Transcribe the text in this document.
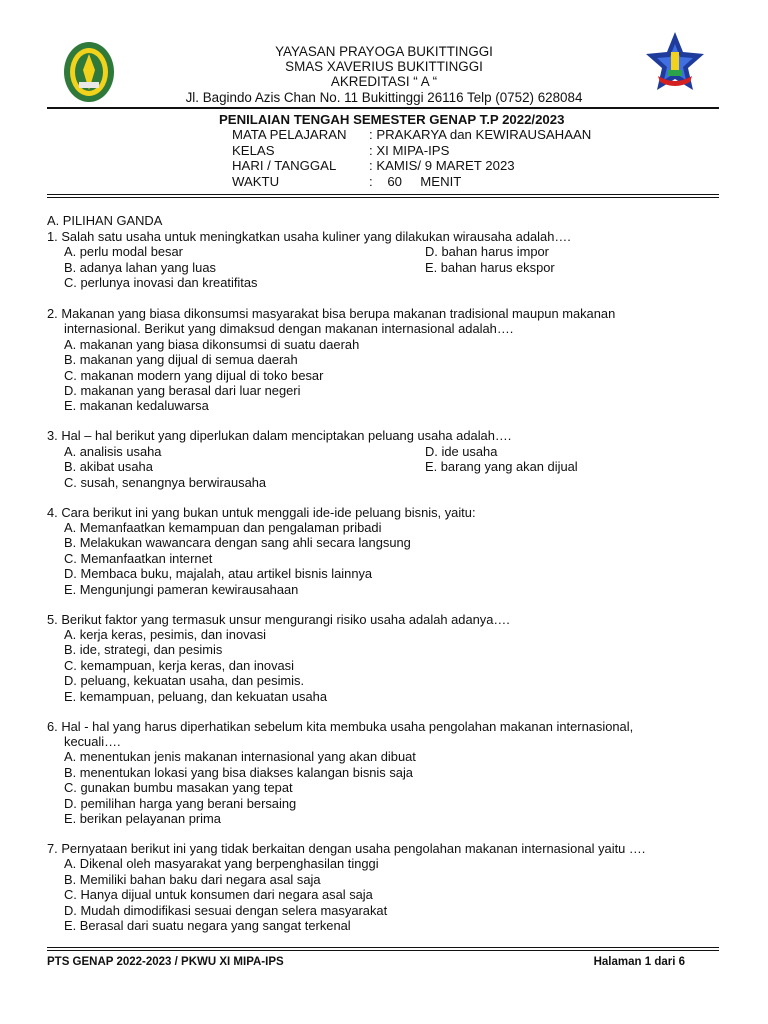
YAYASAN PRAYOGA BUKITTINGGI
SMAS XAVERIUS BUKITTINGGI
AKREDITASI “ A “
Jl. Bagindo Azis Chan No. 11 Bukittinggi 26116 Telp (0752) 628084
PENILAIAN TENGAH SEMESTER GENAP T.P 2022/2023
MATA PELAJARAN : PRAKARYA dan KEWIRAUSAHAAN
KELAS	: XI MIPA-IPS
HARI / TANGGAL : KAMIS/ 9 MARET 2023
WAKTU	:    60     MENIT
A. PILIHAN GANDA
1. Salah satu usaha untuk meningkatkan usaha kuliner yang dilakukan wirausaha adalah….
A. perlu modal besar
B. adanya lahan yang luas
C. perlunya inovasi dan kreatifitas
D. bahan harus impor
E. bahan harus ekspor
2. Makanan yang biasa dikonsumsi masyarakat bisa berupa makanan tradisional maupun makanan
internasional. Berikut yang dimaksud dengan makanan internasional adalah….
A. makanan yang biasa dikonsumsi di suatu daerah
B. makanan yang dijual di semua daerah
C. makanan modern yang dijual di toko besar
D. makanan yang berasal dari luar negeri
E. makanan kedaluwarsa
3. Hal – hal berikut yang diperlukan dalam menciptakan peluang usaha adalah….
A. analisis usaha
B. akibat usaha
C. susah, senangnya berwirausaha
D. ide usaha
E. barang yang akan dijual
4. Cara berikut ini yang bukan untuk menggali ide-ide peluang bisnis, yaitu:
A. Memanfaatkan kemampuan dan pengalaman pribadi
B. Melakukan wawancara dengan sang ahli secara langsung
C. Memanfaatkan internet
D. Membaca buku, majalah, atau artikel bisnis lainnya
E. Mengunjungi pameran kewirausahaan
5. Berikut faktor yang termasuk unsur mengurangi risiko usaha adalah adanya….
A. kerja keras, pesimis, dan inovasi
B. ide, strategi, dan pesimis
C. kemampuan, kerja keras, dan inovasi
D. peluang, kekuatan usaha, dan pesimis.
E. kemampuan, peluang, dan kekuatan usaha
6. Hal - hal yang harus diperhatikan sebelum kita membuka usaha pengolahan makanan internasional,
kecuali….
A. menentukan jenis makanan internasional yang akan dibuat
B. menentukan lokasi yang bisa diakses kalangan bisnis saja
C. gunakan bumbu masakan yang tepat
D. pemilihan harga yang berani bersaing
E. berikan pelayanan prima
7. Pernyataan berikut ini yang tidak berkaitan dengan usaha pengolahan makanan internasional yaitu ….
A. Dikenal oleh masyarakat yang berpenghasilan tinggi
B. Memiliki bahan baku dari negara asal saja
C. Hanya dijual untuk konsumen dari negara asal saja
D. Mudah dimodifikasi sesuai dengan selera masyarakat
E. Berasal dari suatu negara yang sangat terkenal
PTS GENAP 2022-2023 / PKWU XI MIPA-IPS	Halaman 1 dari 6
